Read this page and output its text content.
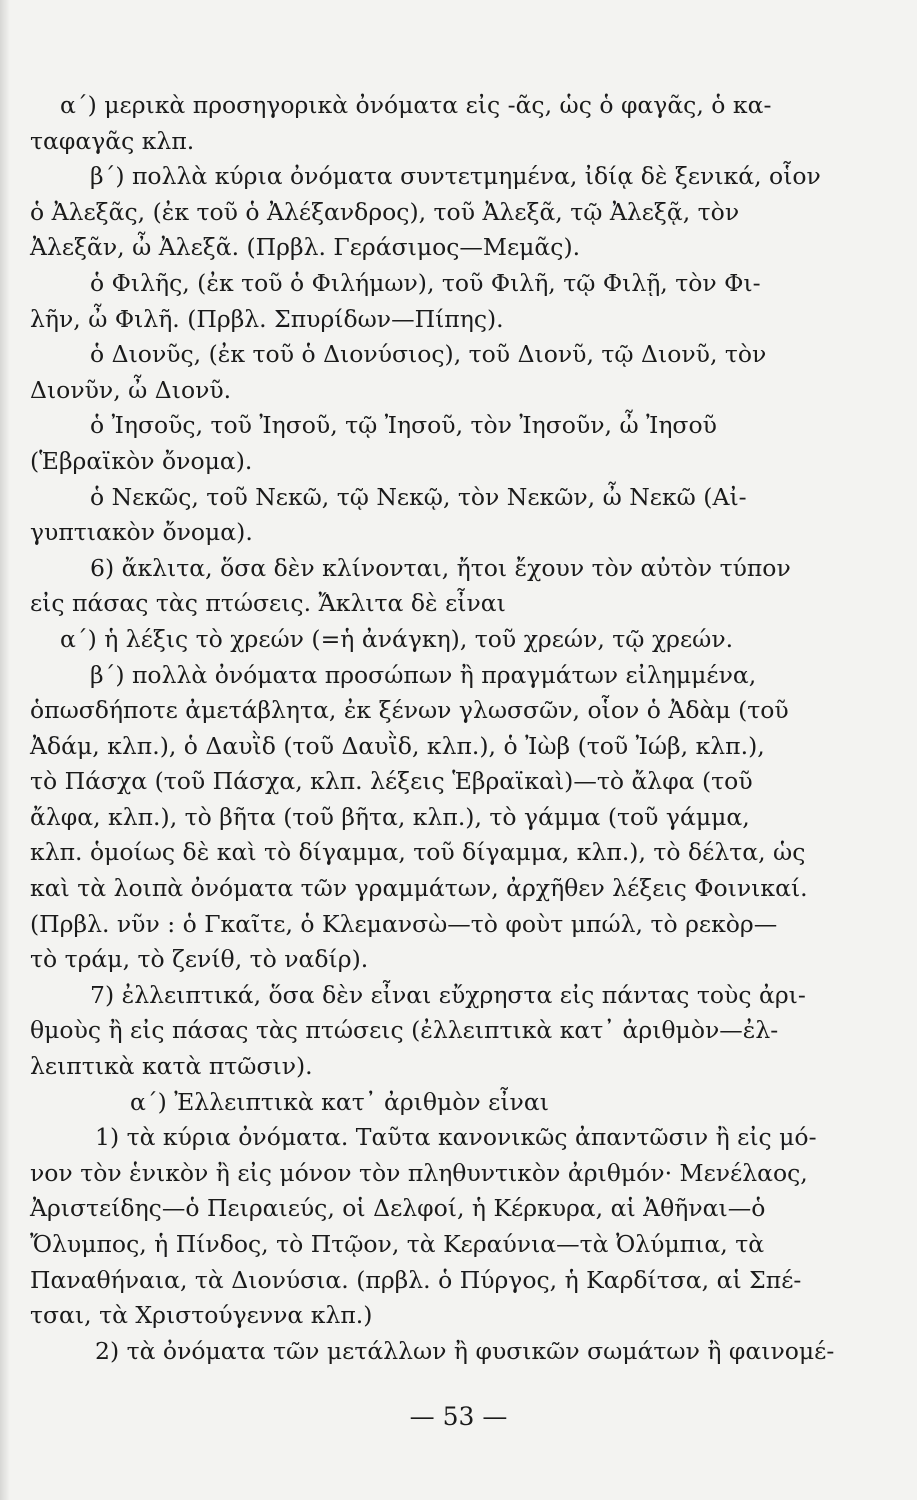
α΄) μερικὰ προσηγορικὰ ὀνόματα εἰς -ᾶς, ὡς ὁ φαγᾶς, ὁ κα-
ταφαγᾶς κλπ.
β΄) πολλὰ κύρια ὀνόματα συντετμημένα, ἰδίᾳ δὲ ξενικά, οἷον
ὁ Ἀλεξᾶς, (ἐκ τοῦ ὁ Ἀλέξανδρος), τοῦ Ἀλεξᾶ, τῷ Ἀλεξᾷ, τὸν
Ἀλεξᾶν, ὦ Ἀλεξᾶ. (Πρβλ. Γεράσιμος—Μεμᾶς).
ὁ Φιλῆς, (ἐκ τοῦ ὁ Φιλήμων), τοῦ Φιλῆ, τῷ Φιλῇ, τὸν Φι-
λῆν, ὦ Φιλῆ. (Πρβλ. Σπυρίδων—Πίπης).
ὁ Διονῦς, (ἐκ τοῦ ὁ Διονύσιος), τοῦ Διονῦ, τῷ Διονῦ, τὸν
Διονῦν, ὦ Διονῦ.
ὁ Ἰησοῦς, τοῦ Ἰησοῦ, τῷ Ἰησοῦ, τὸν Ἰησοῦν, ὦ Ἰησοῦ
(Ἑβραϊκὸν ὄνομα).
ὁ Νεκῶς, τοῦ Νεκῶ, τῷ Νεκῷ, τὸν Νεκῶν, ὦ Νεκῶ (Αἰ-
γυπτιακὸν ὄνομα).
6) ἄκλιτα, ὅσα δὲν κλίνονται, ἤτοι ἔχουν τὸν αὐτὸν τύπον
εἰς πάσας τὰς πτώσεις. Ἄκλιτα δὲ εἶναι
α΄) ἡ λέξις τὸ χρεών (=ἡ ἀνάγκη), τοῦ χρεών, τῷ χρεών.
β΄) πολλὰ ὀνόματα προσώπων ἢ πραγμάτων εἰλημμένα,
ὁπωσδήποτε ἀμετάβλητα, ἐκ ξένων γλωσσῶν, οἷον ὁ Ἀδὰμ (τοῦ
Ἀδάμ, κλπ.), ὁ Δαυῒδ (τοῦ Δαυῒδ, κλπ.), ὁ Ἰὼβ (τοῦ Ἰώβ, κλπ.),
τὸ Πάσχα (τοῦ Πάσχα, κλπ. λέξεις Ἑβραϊκαὶ)—τὸ ἄλφα (τοῦ
ἄλφα, κλπ.), τὸ βῆτα (τοῦ βῆτα, κλπ.), τὸ γάμμα (τοῦ γάμμα,
κλπ. ὁμοίως δὲ καὶ τὸ δίγαμμα, τοῦ δίγαμμα, κλπ.), τὸ δέλτα, ὡς
καὶ τὰ λοιπὰ ὀνόματα τῶν γραμμάτων, ἀρχῆθεν λέξεις Φοινικαί.
(Πρβλ. νῦν : ὁ Γκαῖτε, ὁ Κλεμανσὼ—τὸ φοὺτ μπώλ, τὸ ρεκὸρ—
τὸ τράμ, τὸ ζενίθ, τὸ ναδίρ).
7) ἐλλειπτικά, ὅσα δὲν εἶναι εὔχρηστα εἰς πάντας τοὺς ἀρι-
θμοὺς ἢ εἰς πάσας τὰς πτώσεις (ἐλλειπτικὰ κατ᾽ ἀριθμὸν—ἐλ-
λειπτικὰ κατὰ πτῶσιν).
α΄) Ἐλλειπτικὰ κατ᾽ ἀριθμὸν εἶναι
1) τὰ κύρια ὀνόματα. Ταῦτα κανονικῶς ἀπαντῶσιν ἢ εἰς μό-
νον τὸν ἑνικὸν ἢ εἰς μόνον τὸν πληθυντικὸν ἀριθμόν· Μενέλαος,
Ἀριστείδης—ὁ Πειραιεύς, οἱ Δελφοί, ἡ Κέρκυρα, αἱ Ἀθῆναι—ὁ
Ὄλυμπος, ἡ Πίνδος, τὸ Πτῷον, τὰ Κεραύνια—τὰ Ὀλύμπια, τὰ
Παναθήναια, τὰ Διονύσια. (πρβλ. ὁ Πύργος, ἡ Καρδίτσα, αἱ Σπέ-
τσαι, τὰ Χριστούγεννα κλπ.)
2) τὰ ὀνόματα τῶν μετάλλων ἢ φυσικῶν σωμάτων ἢ φαινομέ-
— 53 —
